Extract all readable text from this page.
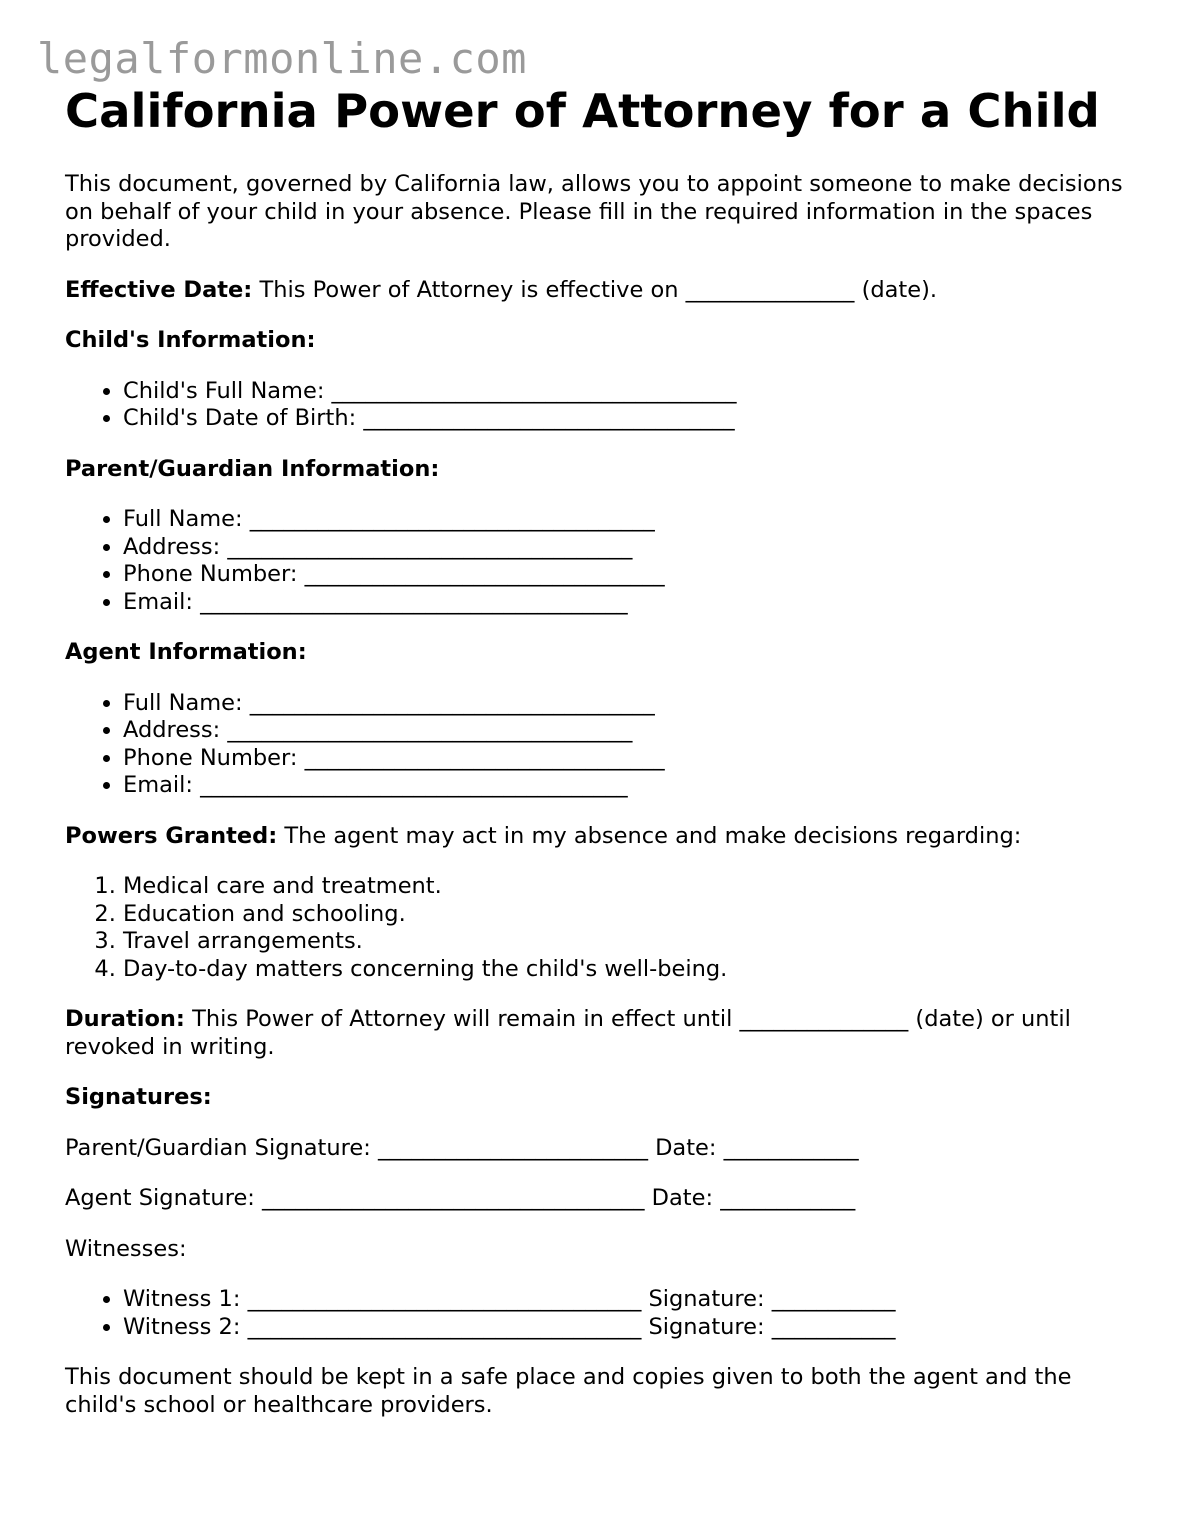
legalformonline.com
California Power of Attorney for a Child

This document, governed by California law, allows you to appoint someone to make decisions on behalf of your child in your absence. Please fill in the required information in the spaces provided.

Effective Date: This Power of Attorney is effective on _______________ (date).

Child's Information:

• Child's Full Name: ____________________________________
• Child's Date of Birth: _________________________________

Parent/Guardian Information:

• Full Name: ____________________________________
• Address: ____________________________________
• Phone Number: ________________________________
• Email: ______________________________________

Agent Information:

• Full Name: ____________________________________
• Address: ____________________________________
• Phone Number: ________________________________
• Email: ______________________________________

Powers Granted: The agent may act in my absence and make decisions regarding:

1. Medical care and treatment.
2. Education and schooling.
3. Travel arrangements.
4. Day-to-day matters concerning the child's well-being.

Duration: This Power of Attorney will remain in effect until _______________ (date) or until revoked in writing.

Signatures:

Parent/Guardian Signature: ________________________ Date: ____________

Agent Signature: __________________________________ Date: ____________

Witnesses:

• Witness 1: ___________________________________ Signature: ___________
• Witness 2: ___________________________________ Signature: ___________

This document should be kept in a safe place and copies given to both the agent and the child's school or healthcare providers.
